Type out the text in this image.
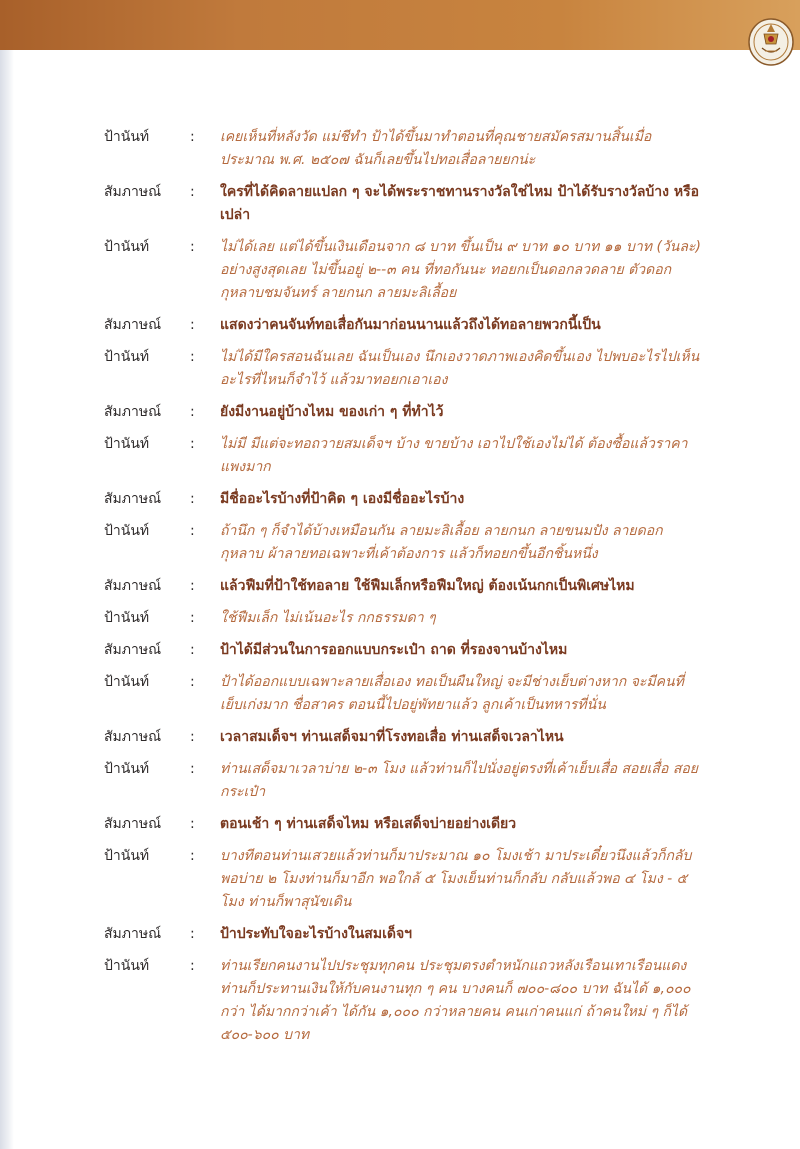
ป้านันท์	:	เคยเห็นที่หลังวัด แม่ชีทำ ป้าได้ขึ้นมาทำตอนที่คุณชายสมัครสมานสิ้นเมื่อประมาณ พ.ศ. ๒๕๐๗ ฉันก็เลยขึ้นไปทอเสื่อลายยกน่ะ
สัมภาษณ์	:	ใครที่ได้คิดลายแปลก ๆ จะได้พระราชทานรางวัลใช่ไหม ป้าได้รับรางวัลบ้าง หรือเปล่า
ป้านันท์	:	ไม่ได้เลย แต่ได้ขึ้นเงินเดือนจาก ๘ บาท ขึ้นเป็น ๙ บาท ๑๐ บาท ๑๑ บาท (วันละ) อย่างสูงสุดเลย ไม่ขึ้นอยู่ ๒--๓ คน ที่ทอกันนะ ทอยกเป็นดอกลวดลาย ตัวดอกกุหลาบชมจันทร์ ลายกนก ลายมะลิเลื้อย
สัมภาษณ์	:	แสดงว่าคนจันท์ทอเสื่อกันมาก่อนนานแล้วถึงได้ทอลายพวกนี้เป็น
ป้านันท์	:	ไม่ได้มีใครสอนฉันเลย ฉันเป็นเอง นึกเองวาดภาพเองคิดขึ้นเอง ไปพบอะไรไปเห็นอะไรที่ไหนก็จำไว้ แล้วมาทอยกเอาเอง
สัมภาษณ์	:	ยังมีงานอยู่บ้างไหม ของเก่า ๆ ที่ทำไว้
ป้านันท์	:	ไม่มี มีแต่จะทอถวายสมเด็จฯ บ้าง ขายบ้าง เอาไปใช้เองไม่ได้ ต้องซื้อแล้วราคาแพงมาก
สัมภาษณ์	:	มีชื่ออะไรบ้างที่ป้าคิด ๆ เองมีชื่ออะไรบ้าง
ป้านันท์	:	ถ้านึก ๆ ก็จำได้บ้างเหมือนกัน ลายมะลิเลื้อย ลายกนก ลายขนมปัง ลายดอกกุหลาบ ผ้าลายทอเฉพาะที่เค้าต้องการ แล้วก็ทอยกขึ้นอีกชิ้นหนึ่ง
สัมภาษณ์	:	แล้วฟืมที่ป้าใช้ทอลาย ใช้ฟืมเล็กหรือฟืมใหญ่ ต้องเน้นกกเป็นพิเศษไหม
ป้านันท์	:	ใช้ฟืมเล็ก ไม่เน้นอะไร กกธรรมดา ๆ
สัมภาษณ์	:	ป้าได้มีส่วนในการออกแบบกระเป๋า ถาด ที่รองจานบ้างไหม
ป้านันท์	:	ป้าได้ออกแบบเฉพาะลายเสื่อเอง ทอเป็นผืนใหญ่ จะมีช่างเย็บต่างหาก จะมีคนที่เย็บเก่งมาก ชื่อสาคร ตอนนี้ไปอยู่พัทยาแล้ว ลูกเค้าเป็นทหารที่นั่น
สัมภาษณ์	:	เวลาสมเด็จฯ ท่านเสด็จมาที่โรงทอเสื่อ ท่านเสด็จเวลาไหน
ป้านันท์	:	ท่านเสด็จมาเวลาบ่าย ๒-๓ โมง แล้วท่านก็ไปนั่งอยู่ตรงที่เค้าเย็บเสื่อ สอยเสื่อ สอยกระเป๋า
สัมภาษณ์	:	ตอนเช้า ๆ ท่านเสด็จไหม หรือเสด็จบ่ายอย่างเดียว
ป้านันท์	:	บางทีตอนท่านเสวยแล้วท่านก็มาประมาณ ๑๐ โมงเช้า มาประเดี๋ยวนึงแล้วก็กลับ พอบ่าย ๒ โมงท่านก็มาอีก พอใกล้ ๕ โมงเย็นท่านก็กลับ กลับแล้วพอ ๔ โมง - ๕ โมง ท่านก็พาสุนัขเดิน
สัมภาษณ์	:	ป้าประทับใจอะไรบ้างในสมเด็จฯ
ป้านันท์	:	ท่านเรียกคนงานไปประชุมทุกคน ประชุมตรงตำหนักแถวหลังเรือนเทาเรือนแดง ท่านก็ประทานเงินให้กับคนงานทุก ๆ คน บางคนก็ ๗๐๐-๘๐๐ บาท ฉันได้ ๑,๐๐๐ กว่า ได้มากกว่าเค้า ได้กัน ๑,๐๐๐ กว่าหลายคน คนเก่าคนแก่ ถ้าคนใหม่ ๆ ก็ได้ ๕๐๐-๖๐๐ บาท
